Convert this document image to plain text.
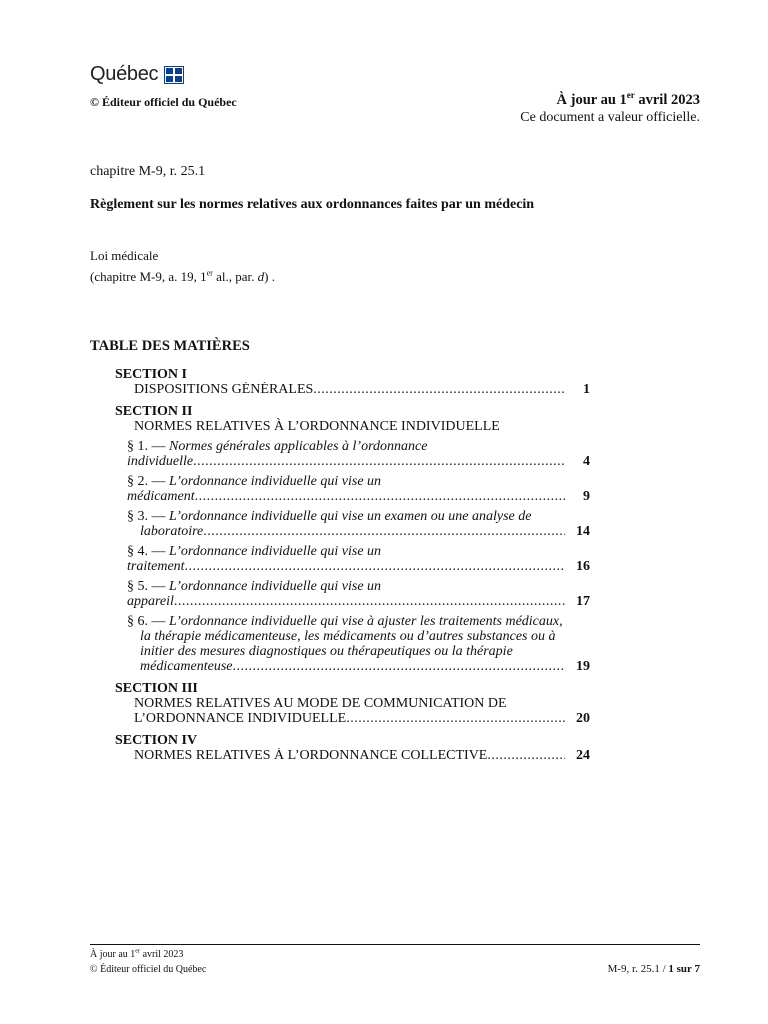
Québec
© Éditeur officiel du Québec	À jour au 1er avril 2023
Ce document a valeur officielle.
chapitre M-9, r. 25.1
Règlement sur les normes relatives aux ordonnances faites par un médecin
Loi médicale
(chapitre M-9, a. 19, 1er al., par. d) .
TABLE DES MATIÈRES
SECTION I
DISPOSITIONS GÉNÉRALES .....	1
SECTION II
NORMES RELATIVES À L’ORDONNANCE INDIVIDUELLE
§ 1. — Normes générales applicables à l’ordonnance individuelle .....	4
§ 2. — L’ordonnance individuelle qui vise un médicament .....	9
§ 3. — L’ordonnance individuelle qui vise un examen ou une analyse de
laboratoire .....	14
§ 4. — L’ordonnance individuelle qui vise un traitement .....	16
§ 5. — L’ordonnance individuelle qui vise un appareil .....	17
§ 6. — L’ordonnance individuelle qui vise à ajuster les traitements médicaux,
la thérapie médicamenteuse, les médicaments ou d’autres substances ou à
initier des mesures diagnostiques ou thérapeutiques ou la thérapie
médicamenteuse .....	19
SECTION III
NORMES RELATIVES AU MODE DE COMMUNICATION DE
L’ORDONNANCE INDIVIDUELLE .....	20
SECTION IV
NORMES RELATIVES À L’ORDONNANCE COLLECTIVE .....	24
À jour au 1er avril 2023
© Éditeur officiel du Québec	M-9, r. 25.1 / 1 sur 7
